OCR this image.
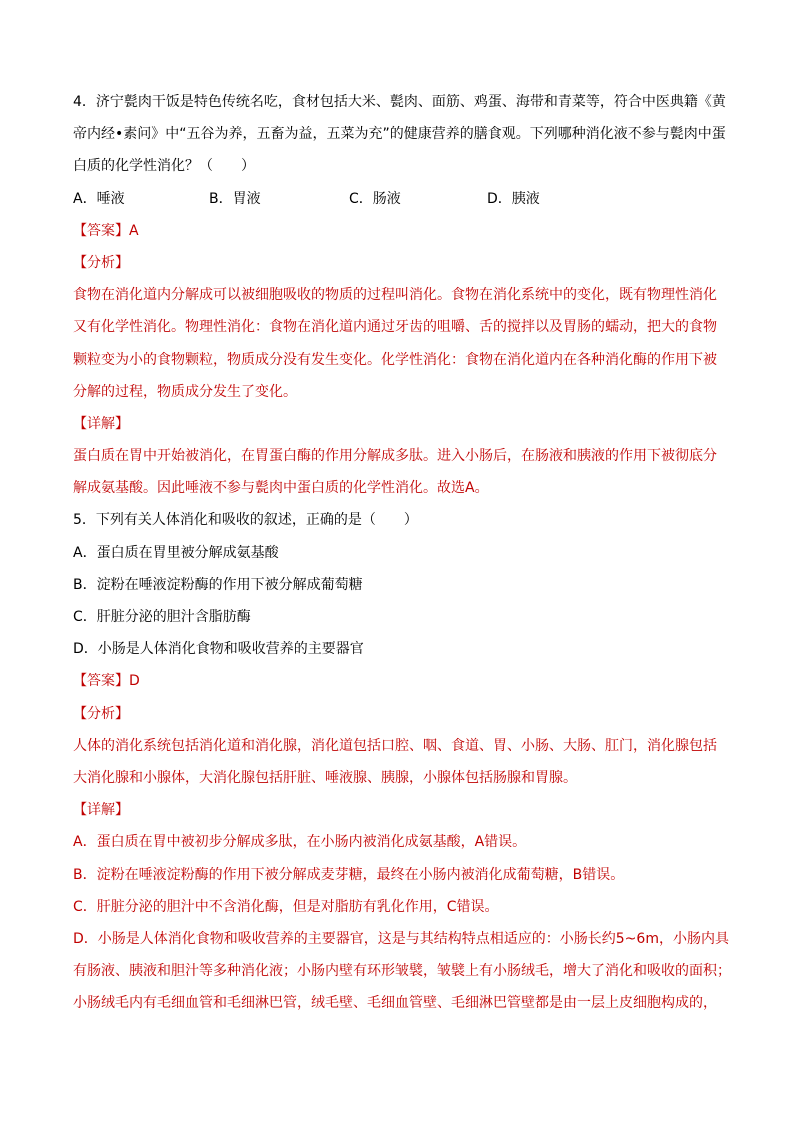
4．济宁甏肉干饭是特色传统名吃，食材包括大米、甏肉、面筋、鸡蛋、海带和青菜等，符合中医典籍《黄
帝内经•素问》中“五谷为养，五畜为益，五菜为充”的健康营养的膳食观。下列哪种消化液不参与甏肉中蛋
白质的化学性消化？（　　）
A．唾液	B．胃液	C．肠液	D．胰液
【答案】A
【分析】
食物在消化道内分解成可以被细胞吸收的物质的过程叫消化。食物在消化系统中的变化，既有物理性消化
又有化学性消化。物理性消化：食物在消化道内通过牙齿的咀嚼、舌的搅拌以及胃肠的蠕动，把大的食物
颗粒变为小的食物颗粒，物质成分没有发生变化。化学性消化：食物在消化道内在各种消化酶的作用下被
分解的过程，物质成分发生了变化。
【详解】
蛋白质在胃中开始被消化，在胃蛋白酶的作用分解成多肽。进入小肠后，在肠液和胰液的作用下被彻底分
解成氨基酸。因此唾液不参与甏肉中蛋白质的化学性消化。故选A。
5．下列有关人体消化和吸收的叙述，正确的是（　　）
A．蛋白质在胃里被分解成氨基酸
B．淀粉在唾液淀粉酶的作用下被分解成葡萄糖
C．肝脏分泌的胆汁含脂肪酶
D．小肠是人体消化食物和吸收营养的主要器官
【答案】D
【分析】
人体的消化系统包括消化道和消化腺，消化道包括口腔、咽、食道、胃、小肠、大肠、肛门，消化腺包括
大消化腺和小腺体，大消化腺包括肝脏、唾液腺、胰腺，小腺体包括肠腺和胃腺。
【详解】
A．蛋白质在胃中被初步分解成多肽，在小肠内被消化成氨基酸，A错误。
B．淀粉在唾液淀粉酶的作用下被分解成麦芽糖，最终在小肠内被消化成葡萄糖，B错误。
C．肝脏分泌的胆汁中不含消化酶，但是对脂肪有乳化作用，C错误。
D．小肠是人体消化食物和吸收营养的主要器官，这是与其结构特点相适应的：小肠长约5~6m，小肠内具
有肠液、胰液和胆汁等多种消化液；小肠内壁有环形皱襞，皱襞上有小肠绒毛，增大了消化和吸收的面积；
小肠绒毛内有毛细血管和毛细淋巴管，绒毛壁、毛细血管壁、毛细淋巴管壁都是由一层上皮细胞构成的，
